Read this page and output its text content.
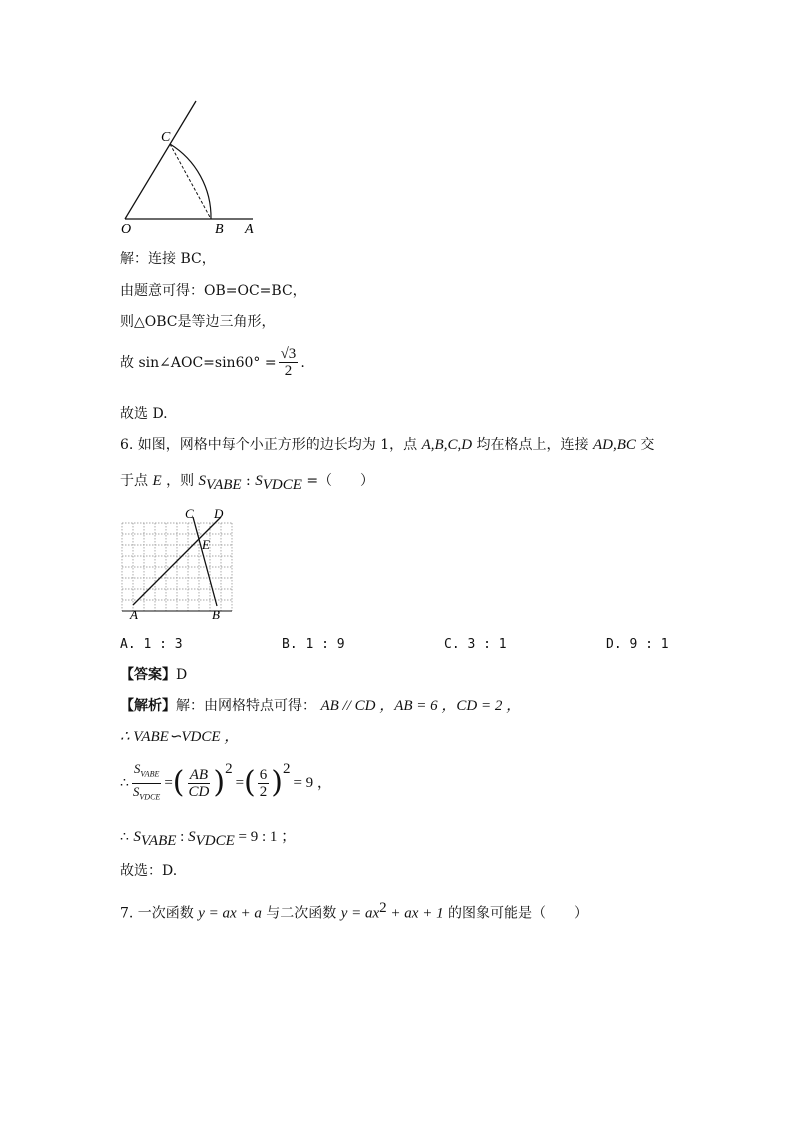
C
O	B A
解：连接 BC，
由题意可得：OB=OC=BC，
则△OBC是等边三角形，
故 sin∠AOC=sin60° = $\frac{√3}{2}$ .
故选 D.
6. 如图，网格中每个小正方形的边长均为 1，点 A,B,C,D 均在格点上，连接 AD,BC 交
于点 E ，则 $S_{VABE}$ : $S_{VDCE}$ =（　　）
C D
E
A	B
A. 1 : 3	B. 1 : 9	C. 3 : 1	D. 9 : 1
【答案】D
【解析】解：由网格特点可得： AB // CD ，AB = 6 ，CD = 2 ，
∴ VABE∽VDCE ，
∴ $\frac{S_{VABE}}{S_{VDCE}}$ = ( $\frac{AB}{CD}$ ) 2
= ( $\frac{6}{2}$ ) 2
= 9 ，
∴ $S_{VABE}$ : $S_{VDCE} = 9$ : 1 ；
故选：D.
7. 一次函数 y = ax + a 与二次函数 $y = ax^2$ + ax + 1 的图象可能是（　　）
